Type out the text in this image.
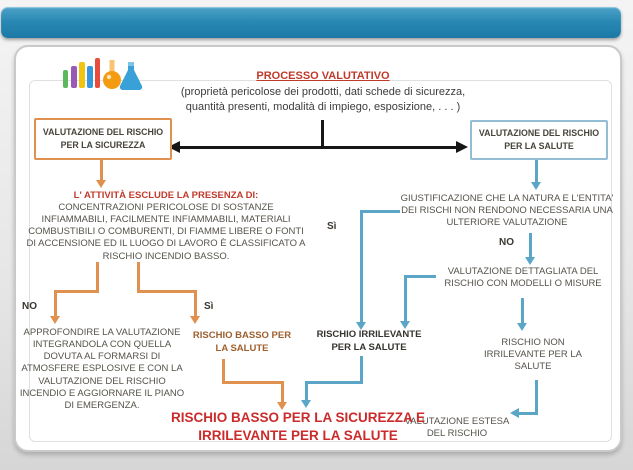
PROCESSO VALUTATIVO
(proprietà pericolose dei prodotti, dati schede di sicurezza,
quantità presenti, modalità di impiego, esposizione, . . . )
VALUTAZIONE DEL RISCHIO PER LA SICUREZZA
VALUTAZIONE DEL RISCHIO PER LA SALUTE
L' ATTIVITÀ ESCLUDE LA PRESENZA DI:
CONCENTRAZIONI PERICOLOSE DI SOSTANZE INFIAMMABILI, FACILMENTE INFIAMMABILI, MATERIALI COMBUSTIBILI O COMBURENTI, DI FIAMME LIBERE O FONTI DI ACCENSIONE ED IL LUOGO DI LAVORO È CLASSIFICATO A RISCHIO INCENDIO BASSO.
NO	Sì
APPROFONDIRE LA VALUTAZIONE INTEGRANDOLA CON QUELLA DOVUTA AL FORMARSI DI ATMOSFERE ESPLOSIVE E CON LA VALUTAZIONE DEL RISCHIO INCENDIO E AGGIORNARE IL PIANO DI EMERGENZA.
RISCHIO BASSO PER LA SALUTE
GIUSTIFICAZIONE CHE LA NATURA E L'ENTITA' DEI RISCHI NON RENDONO NECESSARIA UNA ULTERIORE VALUTAZIONE
Sì
NO
VALUTAZIONE DETTAGLIATA DEL RISCHIO CON MODELLI O MISURE
RISCHIO IRRILEVANTE PER LA SALUTE	RISCHIO NON IRRILEVANTE PER LA SALUTE
VALUTAZIONE ESTESA DEL RISCHIO
RISCHIO BASSO PER LA SICUREZZA E IRRILEVANTE PER LA SALUTE
